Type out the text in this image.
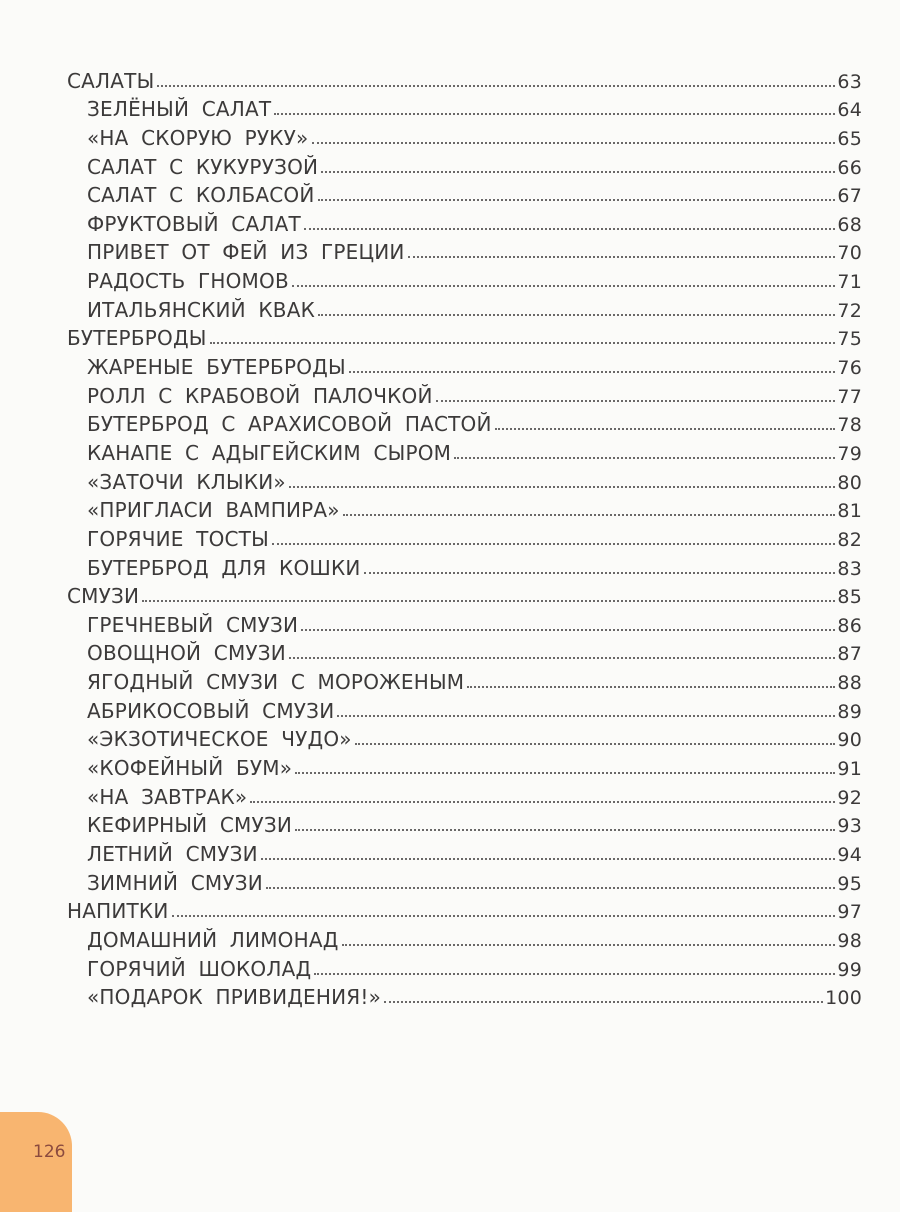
САЛАТЫ	63
ЗЕЛЁНЫЙ САЛАТ	64
«НА СКОРУЮ РУКУ»	65
САЛАТ С КУКУРУЗОЙ	66
САЛАТ С КОЛБАСОЙ	67
ФРУКТОВЫЙ САЛАТ	68
ПРИВЕТ ОТ ФЕЙ ИЗ ГРЕЦИИ	70
РАДОСТЬ ГНОМОВ	71
ИТАЛЬЯНСКИЙ КВАК	72
БУТЕРБРОДЫ	75
ЖАРЕНЫЕ БУТЕРБРОДЫ	76
РОЛЛ С КРАБОВОЙ ПАЛОЧКОЙ	77
БУТЕРБРОД С АРАХИСОВОЙ ПАСТОЙ	78
КАНАПЕ С АДЫГЕЙСКИМ СЫРОМ	79
«ЗАТОЧИ КЛЫКИ»	80
«ПРИГЛАСИ ВАМПИРА»	81
ГОРЯЧИЕ ТОСТЫ	82
БУТЕРБРОД ДЛЯ КОШКИ	83
СМУЗИ	85
ГРЕЧНЕВЫЙ СМУЗИ	86
ОВОЩНОЙ СМУЗИ	87
ЯГОДНЫЙ СМУЗИ С МОРОЖЕНЫМ	88
АБРИКОСОВЫЙ СМУЗИ	89
«ЭКЗОТИЧЕСКОЕ ЧУДО»	90
«КОФЕЙНЫЙ БУМ»	91
«НА ЗАВТРАК»	92
КЕФИРНЫЙ СМУЗИ	93
ЛЕТНИЙ СМУЗИ	94
ЗИМНИЙ СМУЗИ	95
НАПИТКИ	97
ДОМАШНИЙ ЛИМОНАД	98
ГОРЯЧИЙ ШОКОЛАД	99
«ПОДАРОК ПРИВИДЕНИЯ!»	100
126
